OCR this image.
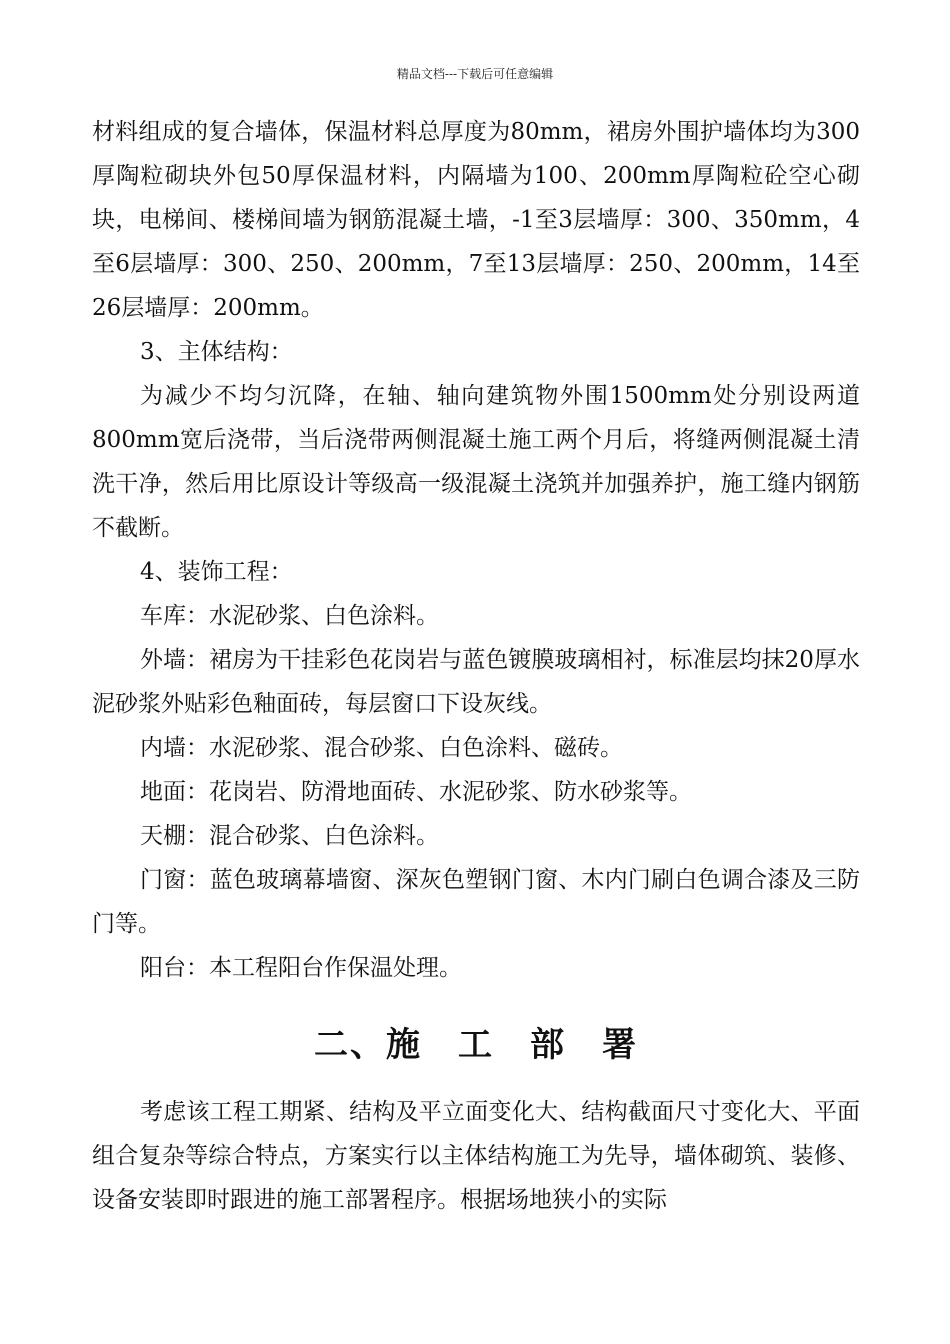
精品文档---下载后可任意编辑

材料组成的复合墙体，保温材料总厚度为80mm，裙房外围护墙体均为300厚陶粒砌块外包50厚保温材料，内隔墙为100、200mm厚陶粒砼空心砌块，电梯间、楼梯间墙为钢筋混凝土墙，-1至3层墙厚：300、350mm，4至6层墙厚：300、250、200mm，7至13层墙厚：250、200mm，14至26层墙厚：200mm。

3、主体结构：

为减少不均匀沉降，在轴、轴向建筑物外围1500mm处分别设两道800mm宽后浇带，当后浇带两侧混凝土施工两个月后，将缝两侧混凝土清洗干净，然后用比原设计等级高一级混凝土浇筑并加强养护，施工缝内钢筋不截断。

4、装饰工程：

车库：水泥砂浆、白色涂料。

外墙：裙房为干挂彩色花岗岩与蓝色镀膜玻璃相衬，标准层均抹20厚水泥砂浆外贴彩色釉面砖，每层窗口下设灰线。

内墙：水泥砂浆、混合砂浆、白色涂料、磁砖。

地面：花岗岩、防滑地面砖、水泥砂浆、防水砂浆等。

天棚：混合砂浆、白色涂料。

门窗：蓝色玻璃幕墙窗、深灰色塑钢门窗、木内门刷白色调合漆及三防门等。

阳台：本工程阳台作保温处理。

二、施　工　部　署

考虑该工程工期紧、结构及平立面变化大、结构截面尺寸变化大、平面组合复杂等综合特点，方案实行以主体结构施工为先导，墙体砌筑、装修、设备安装即时跟进的施工部署程序。根据场地狭小的实际
